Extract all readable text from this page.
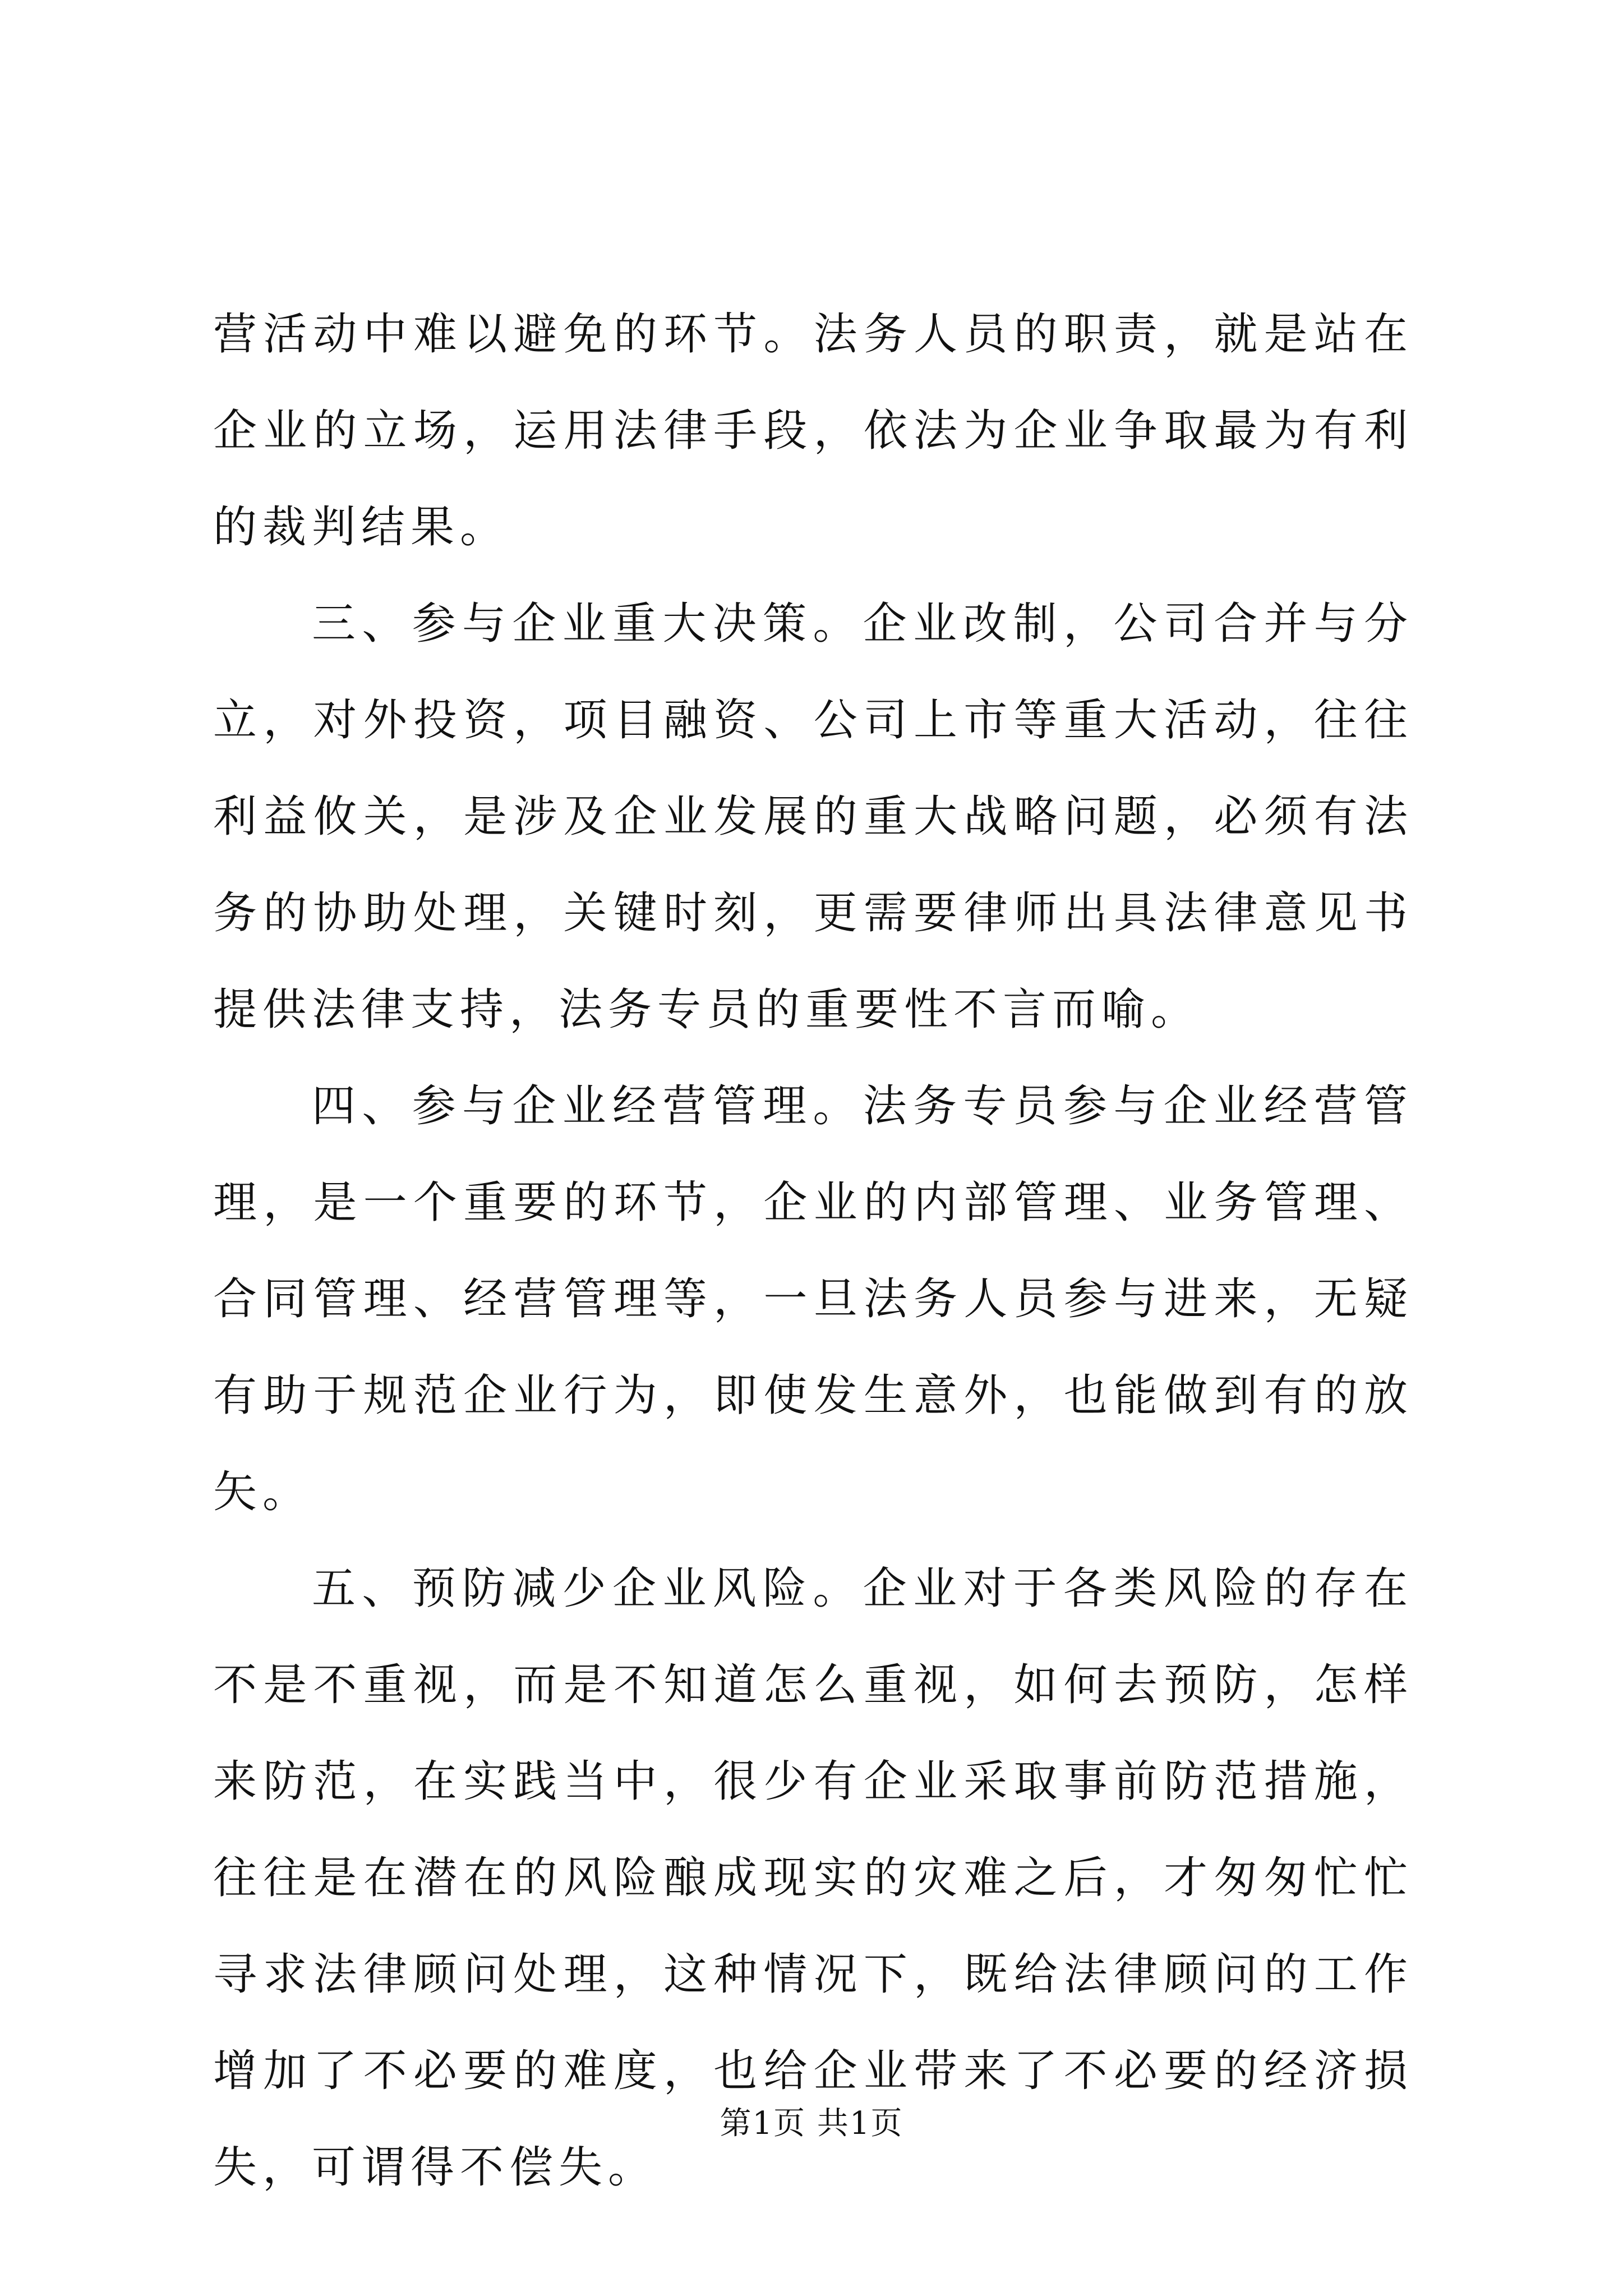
营活动中难以避免的环节。法务人员的职责，就是站在企业的立场，运用法律手段，依法为企业争取最为有利的裁判结果。

三、参与企业重大决策。企业改制，公司合并与分立，对外投资，项目融资、公司上市等重大活动，往往利益攸关，是涉及企业发展的重大战略问题，必须有法务的协助处理，关键时刻，更需要律师出具法律意见书提供法律支持，法务专员的重要性不言而喻。

四、参与企业经营管理。法务专员参与企业经营管理，是一个重要的环节，企业的内部管理、业务管理、合同管理、经营管理等，一旦法务人员参与进来，无疑有助于规范企业行为，即使发生意外，也能做到有的放矢。

五、预防减少企业风险。企业对于各类风险的存在不是不重视，而是不知道怎么重视，如何去预防，怎样来防范，在实践当中，很少有企业采取事前防范措施，往往是在潜在的风险酿成现实的灾难之后，才匆匆忙忙寻求法律顾问处理，这种情况下，既给法律顾问的工作增加了不必要的难度，也给企业带来了不必要的经济损失，可谓得不偿失。

第1页 共1页
